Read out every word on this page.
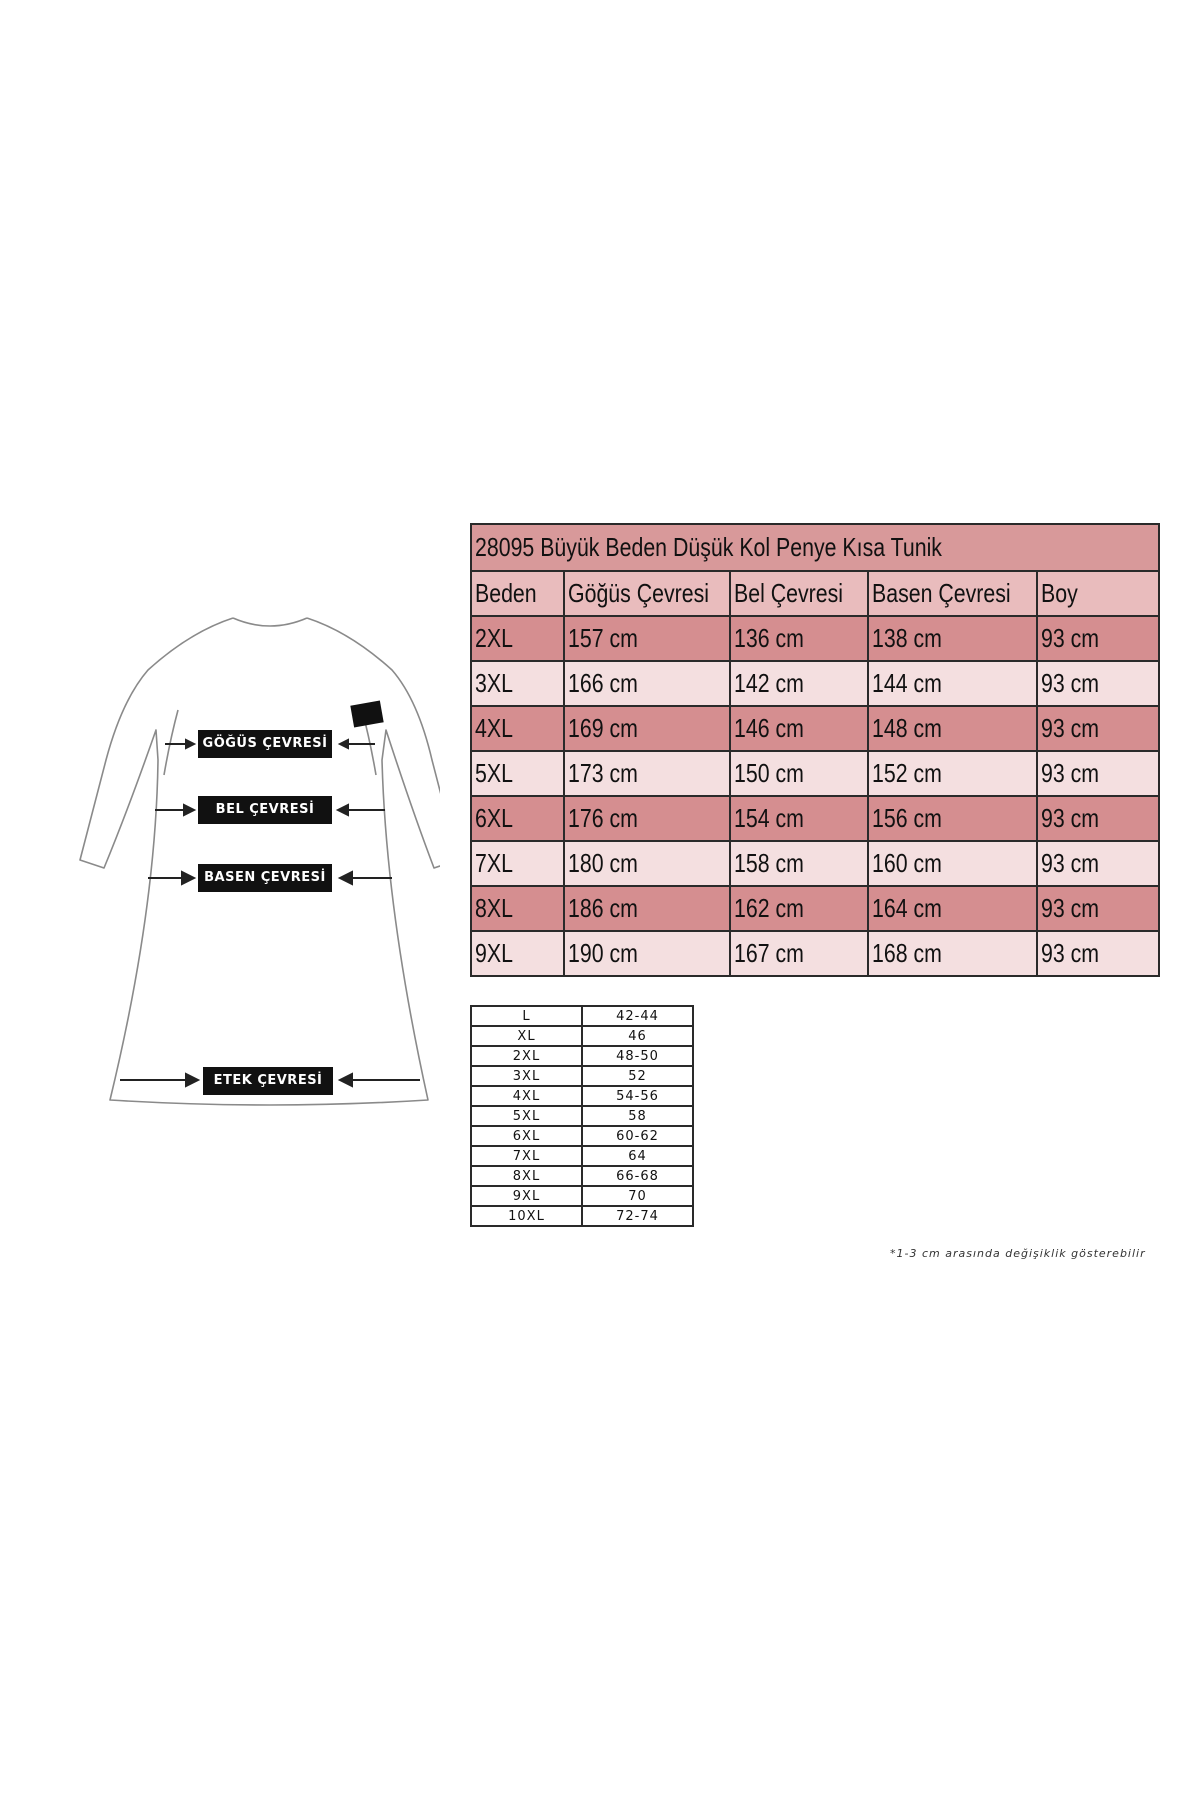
GÖĞÜS ÇEVRESİ
BEL ÇEVRESİ
BASEN ÇEVRESİ
ETEK ÇEVRESİ
28095 Büyük Beden Düşük Kol Penye Kısa Tunik				
Beden	Göğüs Çevresi	Bel Çevresi	Basen Çevresi	Boy
2XL	157 cm	136 cm	138 cm	93 cm
3XL	166 cm	142 cm	144 cm	93 cm
4XL	169 cm	146 cm	148 cm	93 cm
5XL	173 cm	150 cm	152 cm	93 cm
6XL	176 cm	154 cm	156 cm	93 cm
7XL	180 cm	158 cm	160 cm	93 cm
8XL	186 cm	162 cm	164 cm	93 cm
9XL	190 cm	167 cm	168 cm	93 cm
L	42-44
XL	46
2XL	48-50
3XL	52
4XL	54-56
5XL	58
6XL	60-62
7XL	64
8XL	66-68
9XL	70
10XL	72-74
*1-3 cm arasında değişiklik gösterebilir
